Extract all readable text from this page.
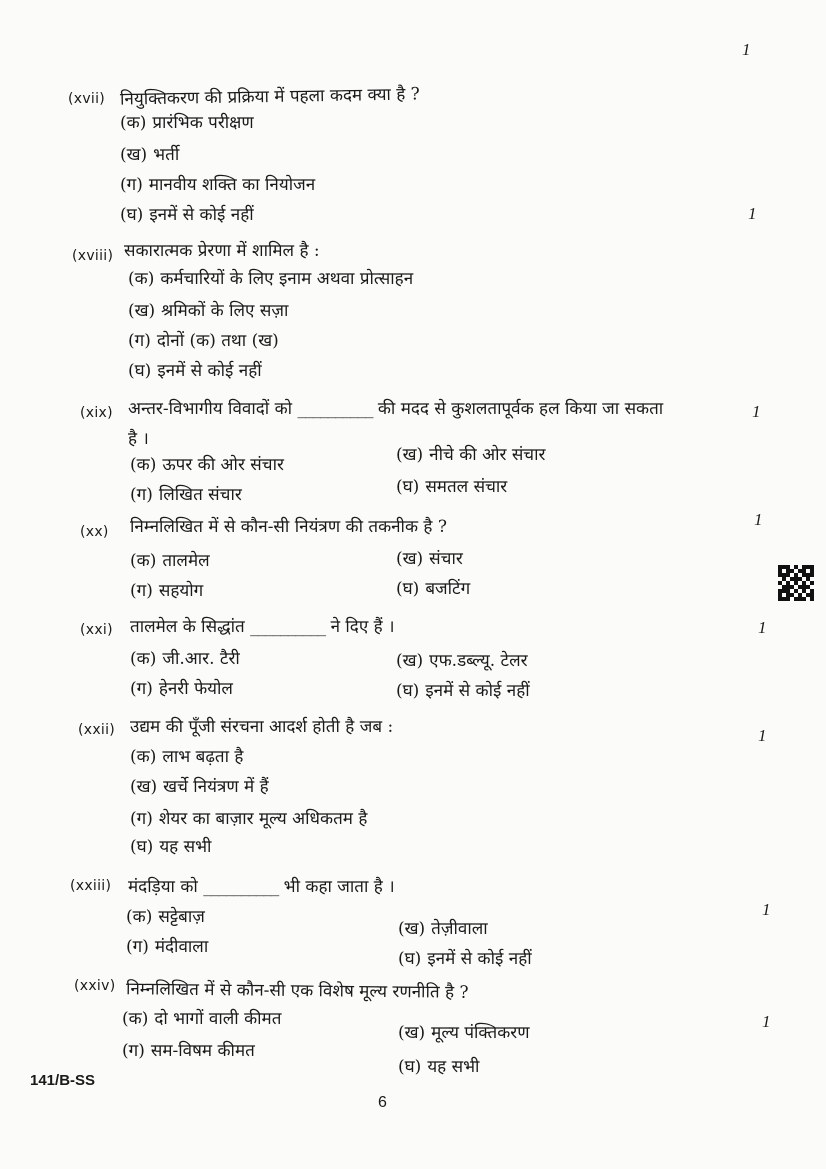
1
(xvii) नियुक्तिकरण की प्रक्रिया में पहला कदम क्या है ?
(क) प्रारंभिक परीक्षण
(ख) भर्ती
(ग) मानवीय शक्ति का नियोजन
(घ) इनमें से कोई नहीं	1
(xviii) सकारात्मक प्रेरणा में शामिल है :
(क) कर्मचारियों के लिए इनाम अथवा प्रोत्साहन
(ख) श्रमिकों के लिए सज़ा
(ग) दोनों (क) तथा (ख)
(घ) इनमें से कोई नहीं
(xix) अन्तर-विभागीय विवादों को __________ की मदद से कुशलतापूर्वक हल किया जा सकता
है ।
1
(क) ऊपर की ओर संचार	(ख) नीचे की ओर संचार
(ग) लिखित संचार	(घ) समतल संचार
(xx) निम्नलिखित में से कौन-सी नियंत्रण की तकनीक है ?	1
(क) तालमेल	(ख) संचार
(ग) सहयोग	(घ) बजटिंग
(xxi) तालमेल के सिद्धांत __________ ने दिए हैं ।	1
(क) जी.आर. टैरी	(ख) एफ.डब्ल्यू. टेलर
(ग) हेनरी फेयोल	(घ) इनमें से कोई नहीं
(xxii) उद्यम की पूँजी संरचना आदर्श होती है जब :	1
(क) लाभ बढ़ता है
(ख) खर्चे नियंत्रण में हैं
(ग) शेयर का बाज़ार मूल्य अधिकतम है
(घ) यह सभी
(xxiii) मंदड़िया को __________ भी कहा जाता है ।
1
(क) सट्टेबाज़
(ख) तेज़ीवाला
(ग) मंदीवाला
(घ) इनमें से कोई नहीं
(xxiv) निम्नलिखित में से कौन-सी एक विशेष मूल्य रणनीति है ?
1
(क) दो भागों वाली कीमत
(ख) मूल्य पंक्तिकरण
(ग) सम-विषम कीमत
(घ) यह सभी
141/B-SS
6
